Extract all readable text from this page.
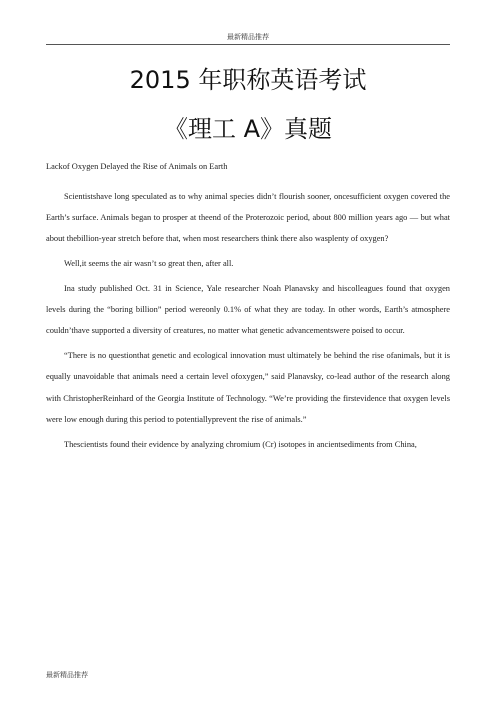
最新精品推荐
2015 年职称英语考试
《理工 A》真题
Lackof Oxygen Delayed the Rise of Animals on Earth

Scientistshave long speculated as to why animal species didn’t flourish sooner, oncesufficient oxygen covered the Earth’s surface. Animals began to prosper at theend of the Proterozoic period, about 800 million years ago — but what about thebillion-year stretch before that, when most researchers think there also wasplenty of oxygen?

Well,it seems the air wasn’t so great then, after all.

Ina study published Oct. 31 in Science, Yale researcher Noah Planavsky and hiscolleagues found that oxygen levels during the “boring billion” period wereonly 0.1% of what they are today. In other words, Earth’s atmosphere couldn’thave supported a diversity of creatures, no matter what genetic advancementswere poised to occur.

“There is no questionthat genetic and ecological innovation must ultimately be behind the rise ofanimals, but it is equally unavoidable that animals need a certain level ofoxygen,” said Planavsky, co-lead author of the research along with ChristopherReinhard of the Georgia Institute of Technology. “We’re providing the firstevidence that oxygen levels were low enough during this period to potentiallyprevent the rise of animals.”

Thescientists found their evidence by analyzing chromium (Cr) isotopes in ancientsediments from China,

最新精品推荐
